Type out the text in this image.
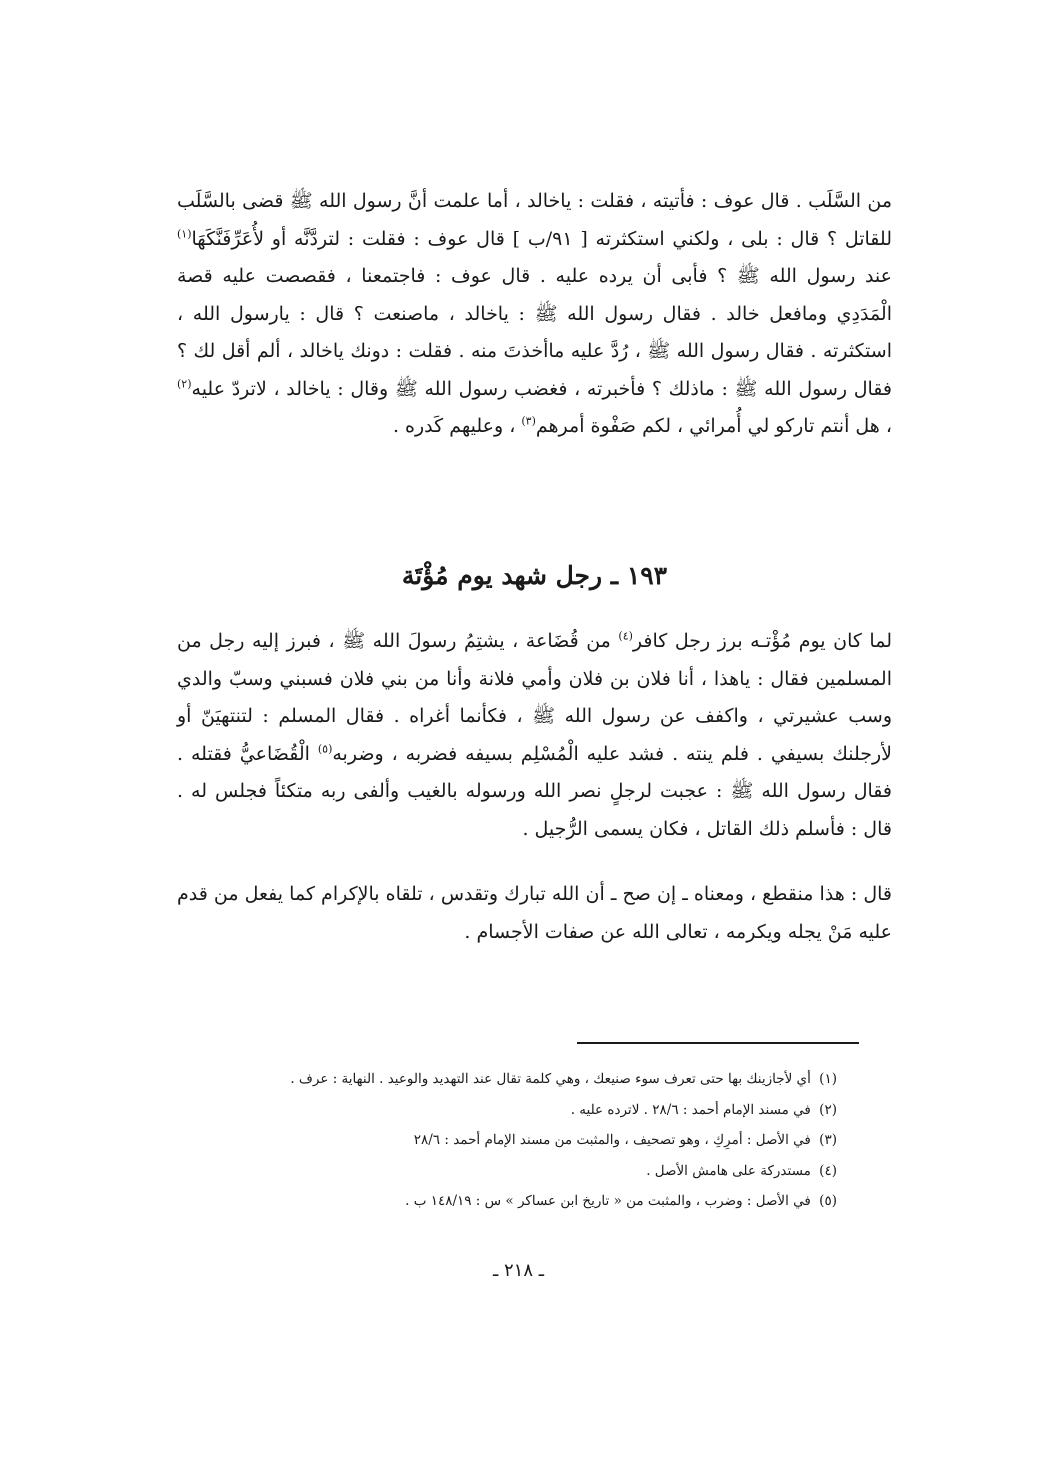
من السَّلَب . قال عوف : فأتيته ، فقلت : ياخالد ، أما علمت أنَّ رسول الله ﷺ قضى بالسَّلَب للقاتل ؟ قال : بلى ، ولكني استكثرته [ ٩١/ب ] قال عوف : فقلت : لتردَّنَّه أو لأُعَرِّفَنَّكَهَا$^{(١)}$ عند رسول الله ﷺ ؟ فأبى أن يرده عليه . قال عوف : فاجتمعنا ، فقصصت عليه قصة الْمَدَدِي ومافعل خالد . فقال رسول الله ﷺ : ياخالد ، ماصنعت ؟ قال : يارسول الله ، استكثرته . فقال رسول الله ﷺ ، رُدَّ عليه ماأخذتَ منه . فقلت : دونك ياخالد ، ألم أقل لك ؟ فقال رسول الله ﷺ : ماذلك ؟ فأخبرته ، فغضب رسول الله ﷺ وقال : ياخالد ، لاتردّ عليه$^{(٢)}$ ، هل أنتم تاركو لي أُمرائي ، لكم صَفْوة أمرهم$^{(٣)}$ ، وعليهم كَدره .

١٩٣ ـ رجل شهد يوم مُؤْتَة

لما كان يوم مُؤْتـه برز رجل كافر$^{(٤)}$ من قُضَاعة ، يشتِمُ رسولَ الله ﷺ ، فبرز إليه رجل من المسلمين فقال : ياهذا ، أنا فلان بن فلان وأمي فلانة وأنا من بني فلان فسبني وسبّ والدي وسب عشيرتي ، واكفف عن رسول الله ﷺ ، فكأنما أغراه . فقال المسلم : لتنتهيَنّ أو لأرجلنك بسيفي . فلم ينته . فشد عليه الْمُسْلِم بسيفه فضربه ، وضربه$^{(٥)}$ الْقُضَاعيُّ فقتله . فقال رسول الله ﷺ : عجبت لرجلٍ نصر الله ورسوله بالغيب وألفى ربه متكئاً فجلس له . قال : فأسلم ذلك القاتل ، فكان يسمى الرُّجيل .

قال : هذا منقطع ، ومعناه ـ إن صح ـ أن الله تبارك وتقدس ، تلقاه بالإكرام كما يفعل من قدم عليه مَنْ يجله ويكرمه ، تعالى الله عن صفات الأجسام .

(١) أي لأجازينك بها حتى تعرف سوء صنيعك ، وهي كلمة تقال عند التهديد والوعيد . النهاية : عرف .
(٢) في مسند الإمام أحمد : ٢٨/٦ . لاترده عليه .
(٣) في الأصل : أمرِكِ ، وهو تصحيف ، والمثبت من مسند الإمام أحمد : ٢٨/٦
(٤) مستدركة على هامش الأصل .
(٥) في الأصل : وضرب ، والمثبت من « تاريخ ابن عساكر » س : ١٤٨/١٩ ب .
ـ ٢١٨ ـ
